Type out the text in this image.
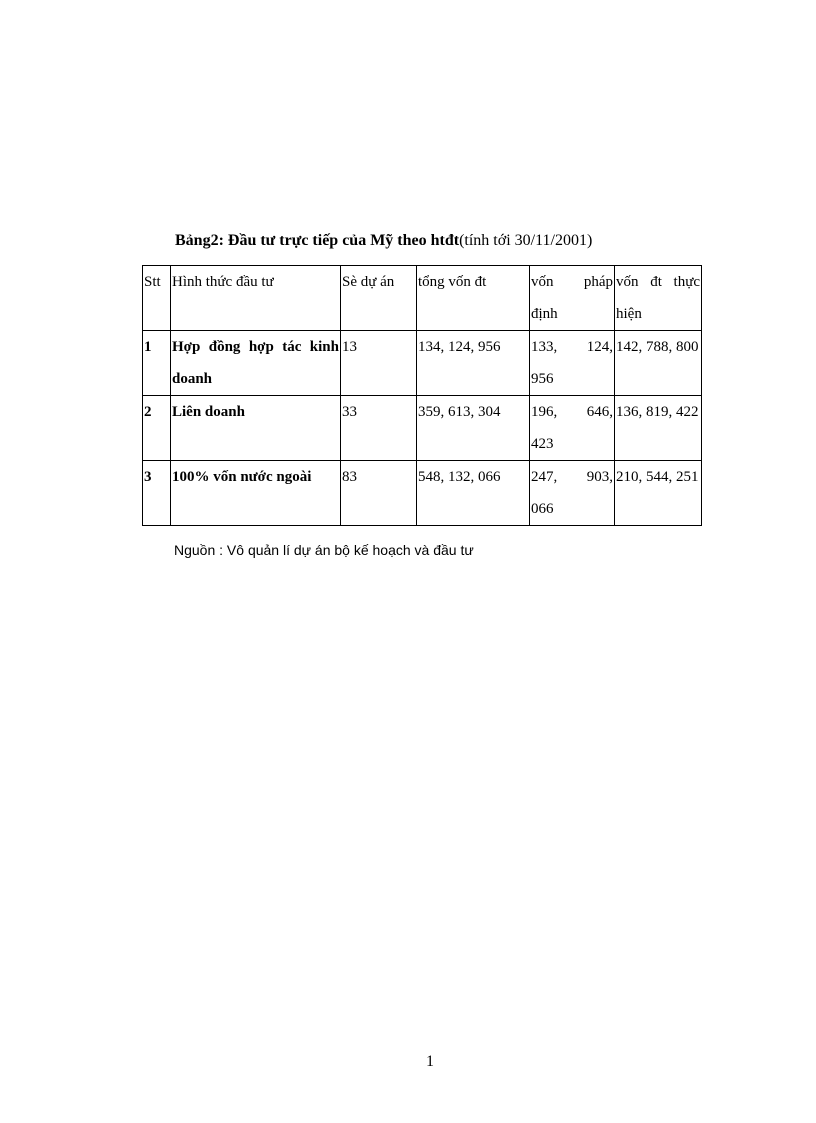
Bảng2: Đầu tư trực tiếp của Mỹ theo htđt(tính tới 30/11/2001)
Stt	Hình thức đầu tư	Sè dự án	tổng vốn đt	vốn pháp định	vốn đt thực hiện
1	Hợp đồng hợp tác kinh doanh	13	134, 124, 956	133, 124, 956	142, 788, 800
2	Liên doanh	33	359, 613, 304	196, 646, 423	136, 819, 422
3	100% vốn nước ngoài	83	548, 132, 066	247, 903, 066	210, 544, 251
Nguồn : Vô quản lí dự án bộ kế hoạch và đầu tư
1
